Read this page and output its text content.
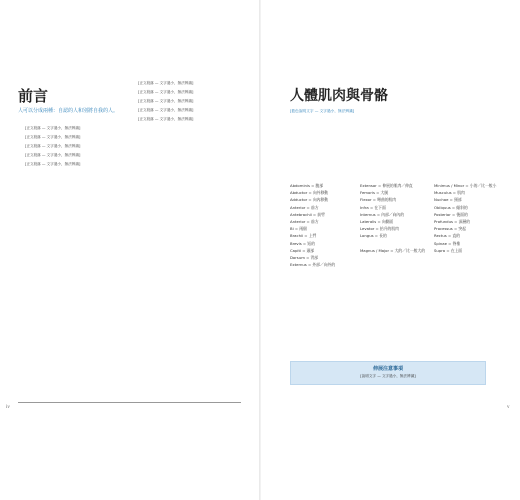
前言
人可以分成兩種：自認的人和別將自我的人。

[正文段落 — 文字過小，無法辨識]

[正文段落 — 文字過小，無法辨識]

[正文段落 — 文字過小，無法辨識]

[正文段落 — 文字過小，無法辨識]

[正文段落 — 文字過小，無法辨識]

[正文段落 — 文字過小，無法辨識]

[正文段落 — 文字過小，無法辨識]

[正文段落 — 文字過小，無法辨識]

[正文段落 — 文字過小，無法辨識]

[正文段落 — 文字過小，無法辨識]

iv
人體肌肉與骨骼
[藍色說明文字 — 文字過小，無法辨識]
Abdominis = 腹部
Abductor = 向外移動
Adductor = 向內移動
Anterior = 前方
Antebrachii = 前臂
Anterior = 前方
Bi = 兩個
Brachii = 上臂
Brevis = 短的
Capiti = 頭部
Dorsum = 背部
Externus = 外部／向外的
Extensor = 伸展的肌肉／伸直
Femoris = 大腿
Flexor = 彎曲的肌肉
Infra = 在下面
Internus = 內部／向內的
Lateralis = 向側面
Levator = 抬升的肌肉
Longus = 長的

Magnus / Major = 大的／比一般大的
Minimus / Minor = 小的／比一般小
Musculus = 肌肉
Nuchae = 頸部
Obliquus = 傾斜的
Posterior = 後面的
Profundus = 深層的
Processus = 突起
Rectus = 直的
Spinae = 脊椎
Supra = 在上面
伸展注意事項
[說明文字 — 文字過小，無法辨識]
v
